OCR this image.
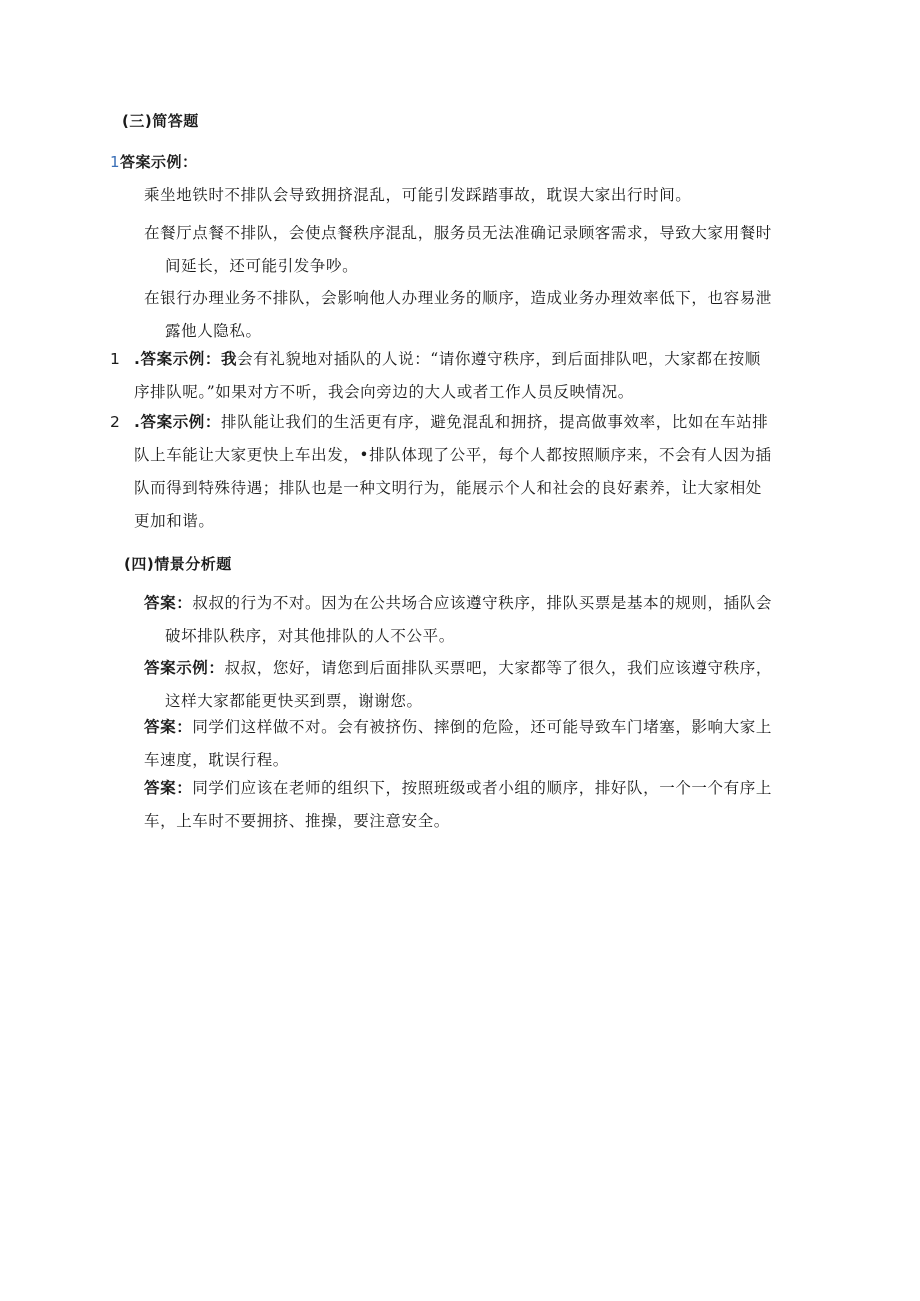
(三)简答题
1答案示例：
乘坐地铁时不排队会导致拥挤混乱，可能引发踩踏事故，耽误大家出行时间。
在餐厅点餐不排队，会使点餐秩序混乱，服务员无法准确记录顾客需求，导致大家用餐时
间延长，还可能引发争吵。
在银行办理业务不排队，会影响他人办理业务的顺序，造成业务办理效率低下，也容易泄
露他人隐私。
1 .答案示例：我会有礼貌地对插队的人说：“请你遵守秩序，到后面排队吧，大家都在按顺
序排队呢。”如果对方不听，我会向旁边的大人或者工作人员反映情况。
2 .答案示例：排队能让我们的生活更有序，避免混乱和拥挤，提高做事效率，比如在车站排
队上车能让大家更快上车出发，•排队体现了公平，每个人都按照顺序来，不会有人因为插
队而得到特殊待遇；排队也是一种文明行为，能展示个人和社会的良好素养，让大家相处
更加和谐。
(四)情景分析题
答案：叔叔的行为不对。因为在公共场合应该遵守秩序，排队买票是基本的规则，插队会
破坏排队秩序，对其他排队的人不公平。
答案示例：叔叔，您好，请您到后面排队买票吧，大家都等了很久，我们应该遵守秩序，
这样大家都能更快买到票，谢谢您。
答案：同学们这样做不对。会有被挤伤、摔倒的危险，还可能导致车门堵塞，影响大家上
车速度，耽误行程。
答案：同学们应该在老师的组织下，按照班级或者小组的顺序，排好队，一个一个有序上
车，上车时不要拥挤、推操，要注意安全。
